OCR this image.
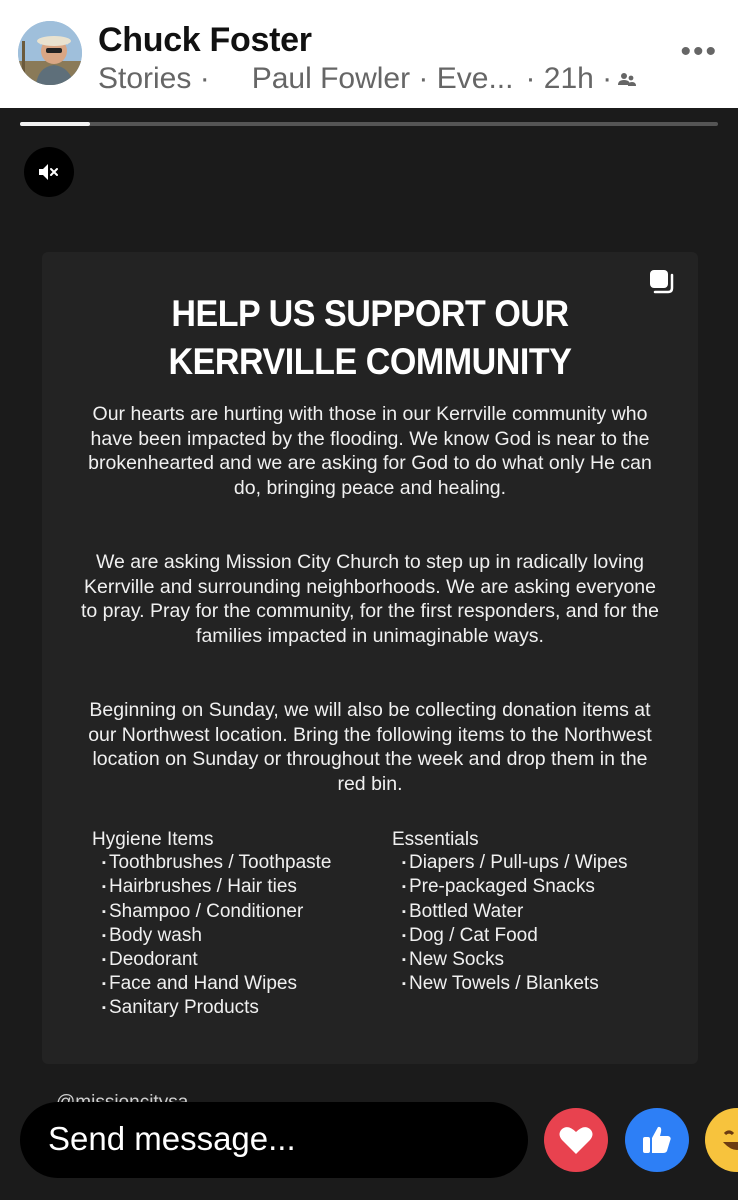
Chuck Foster
Stories · Paul Fowler · Eve... · 21h ·
•••
HELP US SUPPORT OUR
KERRVILLE COMMUNITY
Our hearts are hurting with those in our Kerrville community who have been impacted by the flooding. We know God is near to the brokenhearted and we are asking for God to do what only He can do, bringing peace and healing.
We are asking Mission City Church to step up in radically loving Kerrville and surrounding neighborhoods. We are asking everyone to pray. Pray for the community, for the first responders, and for the families impacted in unimaginable ways.
Beginning on Sunday, we will also be collecting donation items at our Northwest location. Bring the following items to the Northwest location on Sunday or throughout the week and drop them in the red bin.
Hygiene Items
▪ Toothbrushes / Toothpaste
▪ Hairbrushes / Hair ties
▪ Shampoo / Conditioner
▪ Body wash
▪ Deodorant
▪ Face and Hand Wipes
▪ Sanitary Products
Essentials
▪ Diapers / Pull-ups / Wipes
▪ Pre-packaged Snacks
▪ Bottled Water
▪ Dog / Cat Food
▪ New Socks
▪ New Towels / Blankets
Send message...
